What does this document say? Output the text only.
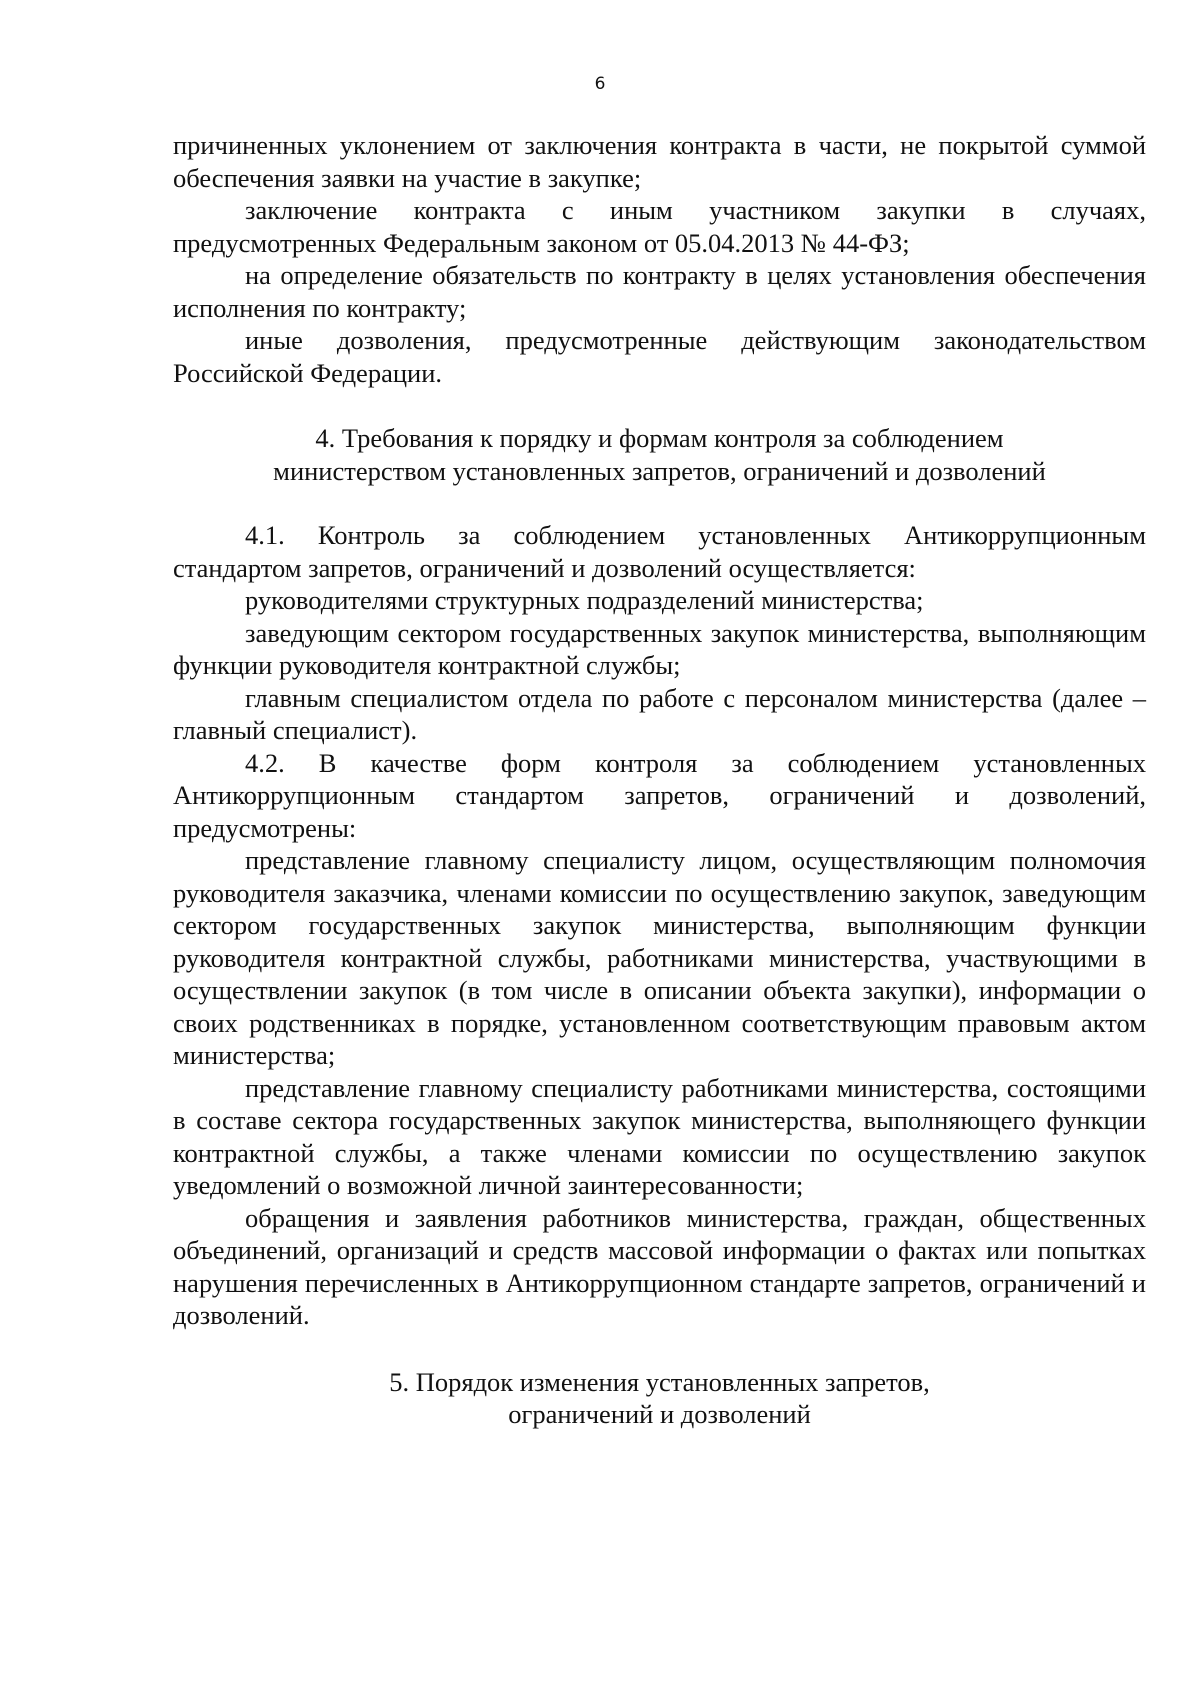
6

причиненных уклонением от заключения контракта в части, не покрытой суммой обеспечения заявки на участие в закупке;

заключение контракта с иным участником закупки в случаях, предусмотренных Федеральным законом от 05.04.2013 № 44-ФЗ;

на определение обязательств по контракту в целях установления обеспечения исполнения по контракту;

иные дозволения, предусмотренные действующим законодательством Российской Федерации.

4. Требования к порядку и формам контроля за соблюдением

министерством установленных запретов, ограничений и дозволений

4.1. Контроль за соблюдением установленных Антикоррупционным стандартом запретов, ограничений и дозволений осуществляется:

руководителями структурных подразделений министерства;

заведующим сектором государственных закупок министерства, выполняющим функции руководителя контрактной службы;

главным специалистом отдела по работе с персоналом министерства (далее – главный специалист).

4.2. В качестве форм контроля за соблюдением установленных Антикоррупционным стандартом запретов, ограничений и дозволений, предусмотрены:

представление главному специалисту лицом, осуществляющим полномочия руководителя заказчика, членами комиссии по осуществлению закупок, заведующим сектором государственных закупок министерства, выполняющим функции руководителя контрактной службы, работниками министерства, участвующими в осуществлении закупок (в том числе в описании объекта закупки), информации о своих родственниках в порядке, установленном соответствующим правовым актом министерства;

представление главному специалисту работниками министерства, состоящими в составе сектора государственных закупок министерства, выполняющего функции контрактной службы, а также членами комиссии по осуществлению закупок уведомлений о возможной личной заинтересованности;

обращения и заявления работников министерства, граждан, общественных объединений, организаций и средств массовой информации о фактах или попытках нарушения перечисленных в Антикоррупционном стандарте запретов, ограничений и дозволений.

5. Порядок изменения установленных запретов,

ограничений и дозволений
